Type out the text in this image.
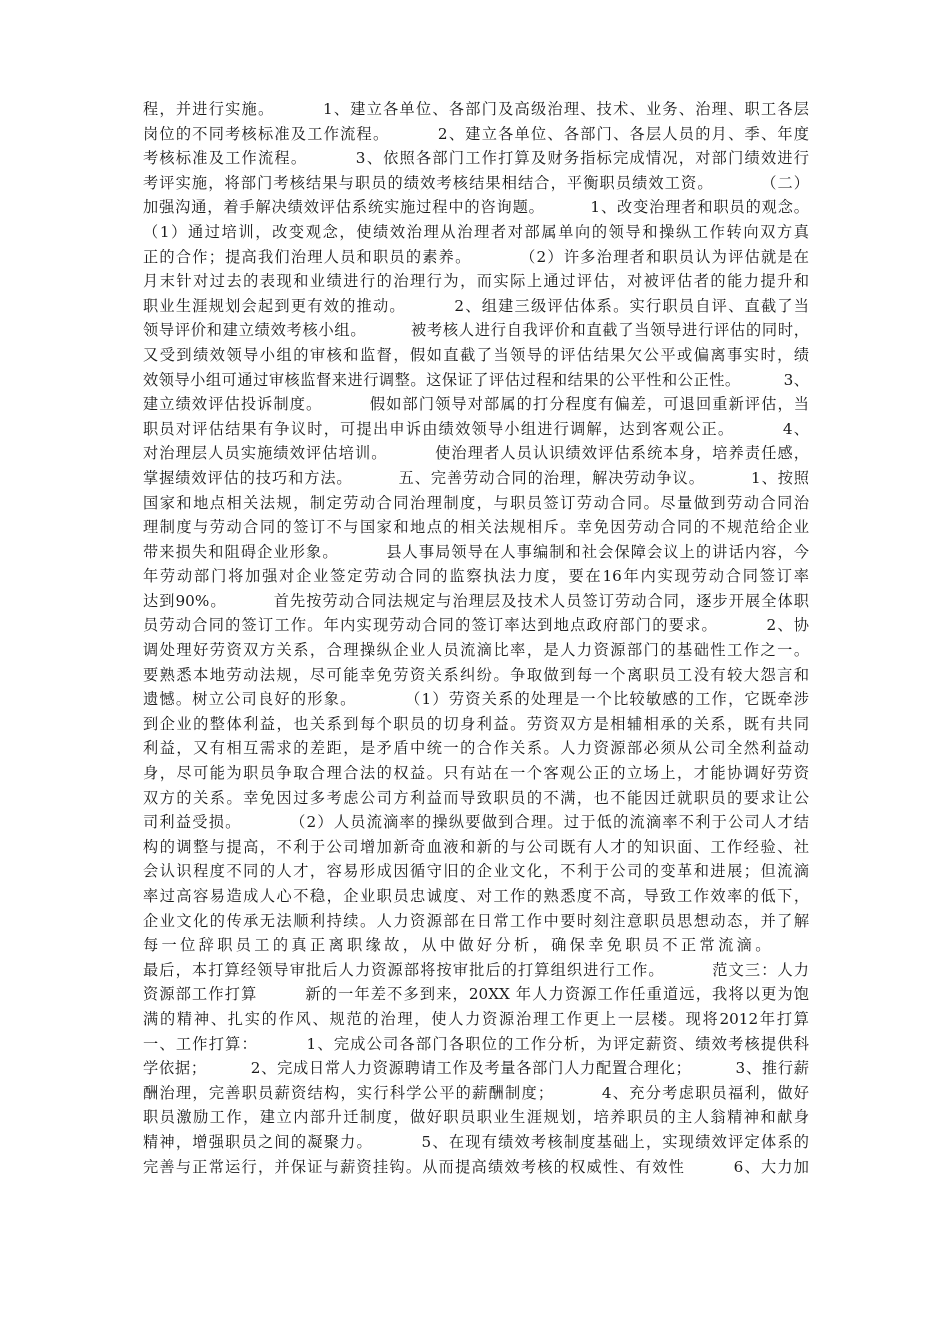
程，并进行实施。        1、建立各单位、各部门及高级治理、技术、业务、治理、职工各层
岗位的不同考核标准及工作流程。        2、建立各单位、各部门、各层人员的月、季、年度
考核标准及工作流程。        3、依照各部门工作打算及财务指标完成情况，对部门绩效进行
考评实施，将部门考核结果与职员的绩效考核结果相结合，平衡职员绩效工资。        （二）
加强沟通，着手解决绩效评估系统实施过程中的咨询题。        1、改变治理者和职员的观念。
（1）通过培训，改变观念，使绩效治理从治理者对部属单向的领导和操纵工作转向双方真
正的合作；提高我们治理人员和职员的素养。        （2）许多治理者和职员认为评估就是在
月末针对过去的表现和业绩进行的治理行为，而实际上通过评估，对被评估者的能力提升和
职业生涯规划会起到更有效的推动。        2、组建三级评估体系。实行职员自评、直截了当
领导评价和建立绩效考核小组。        被考核人进行自我评价和直截了当领导进行评估的同时，
又受到绩效领导小组的审核和监督，假如直截了当领导的评估结果欠公平或偏离事实时，绩
效领导小组可通过审核监督来进行调整。这保证了评估过程和结果的公平性和公正性。        3、
建立绩效评估投诉制度。        假如部门领导对部属的打分程度有偏差，可退回重新评估，当
职员对评估结果有争议时，可提出申诉由绩效领导小组进行调解，达到客观公正。        4、
对治理层人员实施绩效评估培训。        使治理者人员认识绩效评估系统本身，培养责任感，
掌握绩效评估的技巧和方法。        五、完善劳动合同的治理，解决劳动争议。        1、按照
国家和地点相关法规，制定劳动合同治理制度，与职员签订劳动合同。尽量做到劳动合同治
理制度与劳动合同的签订不与国家和地点的相关法规相斥。幸免因劳动合同的不规范给企业
带来损失和阻碍企业形象。        县人事局领导在人事编制和社会保障会议上的讲话内容，今
年劳动部门将加强对企业签定劳动合同的监察执法力度，要在16年内实现劳动合同签订率
达到90%。        首先按劳动合同法规定与治理层及技术人员签订劳动合同，逐步开展全体职
员劳动合同的签订工作。年内实现劳动合同的签订率达到地点政府部门的要求。        2、协
调处理好劳资双方关系，合理操纵企业人员流滴比率，是人力资源部门的基础性工作之一。
要熟悉本地劳动法规，尽可能幸免劳资关系纠纷。争取做到每一个离职员工没有较大怨言和
遗憾。树立公司良好的形象。        （1）劳资关系的处理是一个比较敏感的工作，它既牵涉
到企业的整体利益，也关系到每个职员的切身利益。劳资双方是相辅相承的关系，既有共同
利益，又有相互需求的差距，是矛盾中统一的合作关系。人力资源部必须从公司全然利益动
身，尽可能为职员争取合理合法的权益。只有站在一个客观公正的立场上，才能协调好劳资
双方的关系。幸免因过多考虑公司方利益而导致职员的不满，也不能因迁就职员的要求让公
司利益受损。        （2）人员流滴率的操纵要做到合理。过于低的流滴率不利于公司人才结
构的调整与提高，不利于公司增加新奇血液和新的与公司既有人才的知识面、工作经验、社
会认识程度不同的人才，容易形成因循守旧的企业文化，不利于公司的变革和进展；但流滴
率过高容易造成人心不稳，企业职员忠诚度、对工作的熟悉度不高，导致工作效率的低下，
企业文化的传承无法顺利持续。人力资源部在日常工作中要时刻注意职员思想动态，并了解
每一位辞职员工的真正离职缘故，从中做好分析，确保幸免职员不正常流滴。
最后，本打算经领导审批后人力资源部将按审批后的打算组织进行工作。        范文三：人力
资源部工作打算        新的一年差不多到来，20XX 年人力资源工作任重道远，我将以更为饱
满的精神、扎实的作风、规范的治理，使人力资源治理工作更上一层楼。现将2012年打算
一、工作打算：        1、完成公司各部门各职位的工作分析，为评定薪资、绩效考核提供科
学依据；        2、完成日常人力资源聘请工作及考量各部门人力配置合理化；        3、推行薪
酬治理，完善职员薪资结构，实行科学公平的薪酬制度；        4、充分考虑职员福利，做好
职员激励工作，建立内部升迁制度，做好职员职业生涯规划，培养职员的主人翁精神和献身
精神，增强职员之间的凝聚力。        5、在现有绩效考核制度基础上，实现绩效评定体系的
完善与正常运行，并保证与薪资挂钩。从而提高绩效考核的权威性、有效性        6、大力加
